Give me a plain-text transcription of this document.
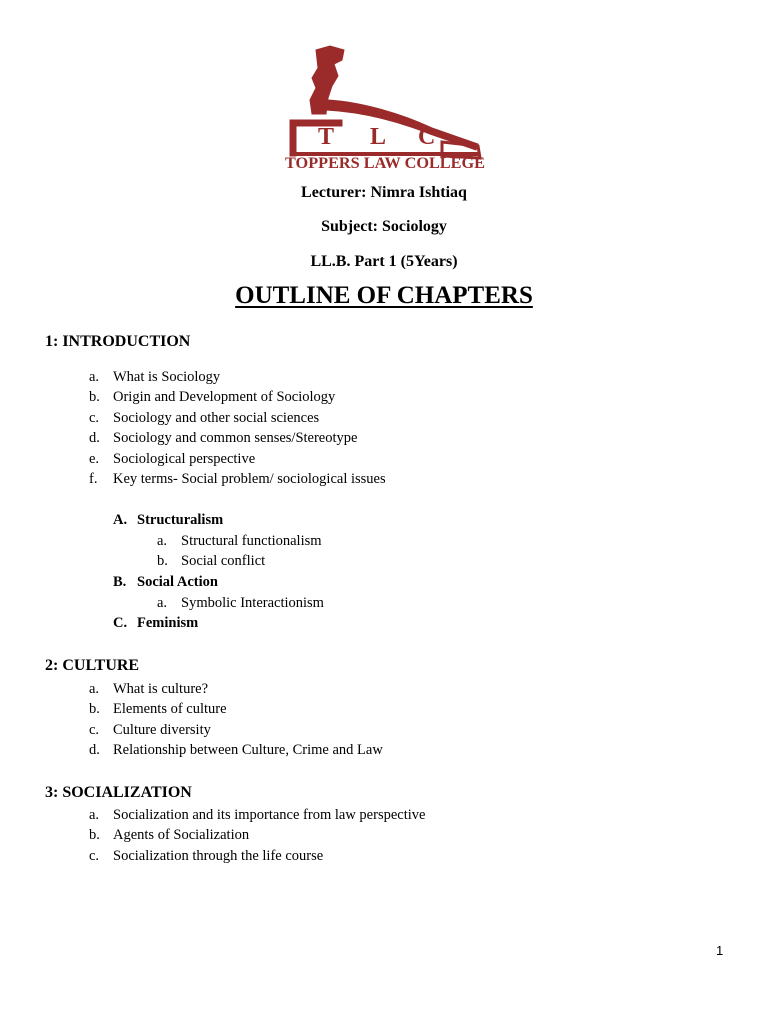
T L C
TOPPERS LAW COLLEGE
Lecturer: Nimra Ishtiaq
Subject: Sociology
LL.B. Part 1 (5Years)
OUTLINE OF CHAPTERS
1: INTRODUCTION
a. What is Sociology
b. Origin and Development of Sociology
c. Sociology and other social sciences
d. Sociology and common senses/Stereotype
e. Sociological perspective
f.	Key terms- Social problem/ sociological issues
A. Structuralism
a. Structural functionalism
b. Social conflict
B. Social Action
a. Symbolic Interactionism
C. Feminism
2: CULTURE
a. What is culture?
b. Elements of culture
c. Culture diversity
d. Relationship between Culture, Crime and Law
3: SOCIALIZATION
a. Socialization and its importance from law perspective
b. Agents of Socialization
c. Socialization through the life course
1
